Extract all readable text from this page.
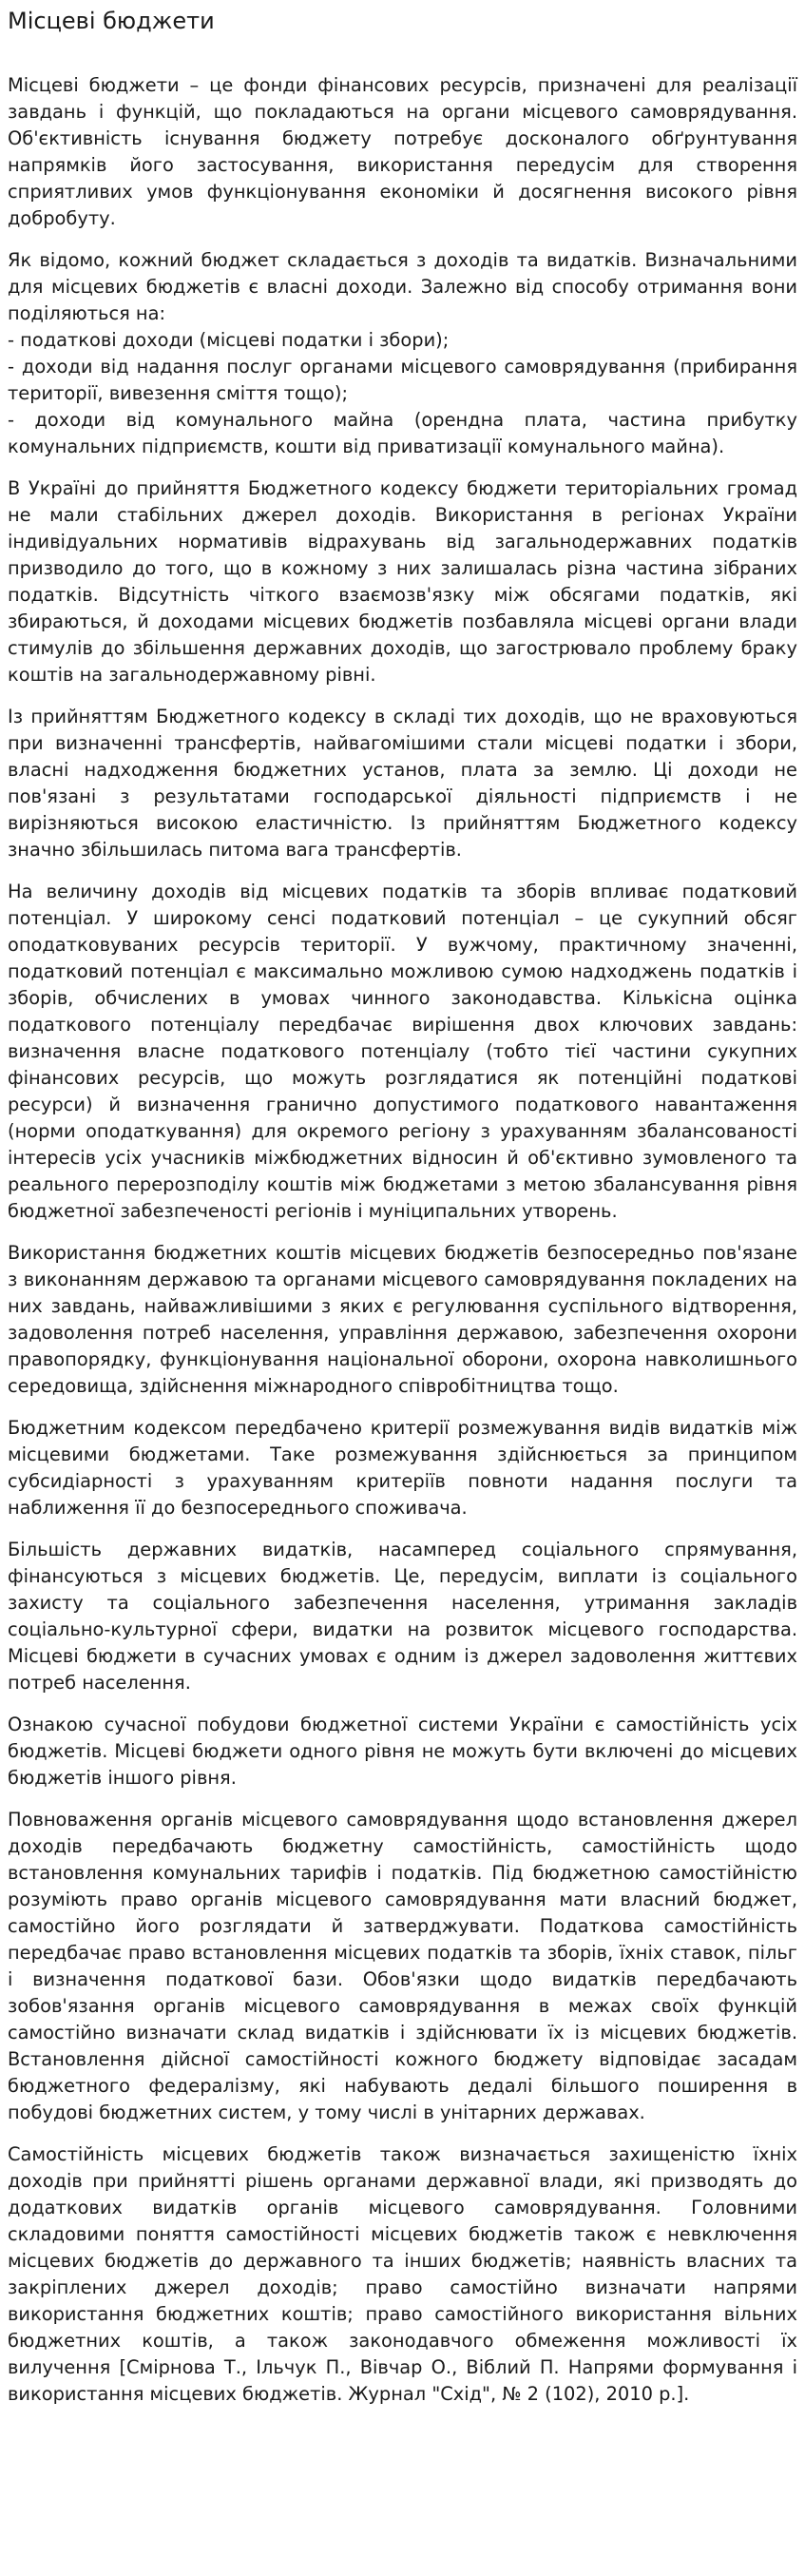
Місцеві бюджети

Місцеві бюджети – це фонди фінансових ресурсів, призначені для реалізації завдань і функцій, що покладаються на органи місцевого самоврядування. Об'єктивність існування бюджету потребує досконалого обґрунтування напрямків його застосування, використання передусім для створення сприятливих умов функціонування економіки й досягнення високого рівня добробуту.

Як відомо, кожний бюджет складається з доходів та видатків. Визначальними для місцевих бюджетів є власні доходи. Залежно від способу отримання вони поділяються на:
- податкові доходи (місцеві податки і збори);
- доходи від надання послуг органами місцевого самоврядування (прибирання території, вивезення сміття тощо);
- доходи від комунального майна (орендна плата, частина прибутку комунальних підприємств, кошти від приватизації комунального майна).

В Україні до прийняття Бюджетного кодексу бюджети територіальних громад не мали стабільних джерел доходів. Використання в регіонах України індивідуальних нормативів відрахувань від загальнодержавних податків призводило до того, що в кожному з них залишалась різна частина зібраних податків. Відсутність чіткого взаємозв'язку між обсягами податків, які збираються, й доходами місцевих бюджетів позбавляла місцеві органи влади стимулів до збільшення державних доходів, що загострювало проблему браку коштів на загальнодержавному рівні.

Із прийняттям Бюджетного кодексу в складі тих доходів, що не враховуються при визначенні трансфертів, найвагомішими стали місцеві податки і збори, власні надходження бюджетних установ, плата за землю. Ці доходи не пов'язані з результатами господарської діяльності підприємств і не вирізняються високою еластичністю. Із прийняттям Бюджетного кодексу значно збільшилась питома вага трансфертів.

На величину доходів від місцевих податків та зборів впливає податковий потенціал. У широкому сенсі податковий потенціал – це сукупний обсяг оподатковуваних ресурсів території. У вужчому, практичному значенні, податковий потенціал є максимально можливою сумою надходжень податків і зборів, обчислених в умовах чинного законодавства. Кількісна оцінка податкового потенціалу передбачає вирішення двох ключових завдань: визначення власне податкового потенціалу (тобто тієї частини сукупних фінансових ресурсів, що можуть розглядатися як потенційні податкові ресурси) й визначення гранично допустимого податкового навантаження (норми оподаткування) для окремого регіону з урахуванням збалансованості інтересів усіх учасників міжбюджетних відносин й об'єктивно зумовленого та реального перерозподілу коштів між бюджетами з метою збалансування рівня бюджетної забезпеченості регіонів і муніципальних утворень.

Використання бюджетних коштів місцевих бюджетів безпосередньо пов'язане з виконанням державою та органами місцевого самоврядування покладених на них завдань, найважливішими з яких є регулювання суспільного відтворення, задоволення потреб населення, управління державою, забезпечення охорони правопорядку, функціонування національної оборони, охорона навколишнього середовища, здійснення міжнародного співробітництва тощо.

Бюджетним кодексом передбачено критерії розмежування видів видатків між місцевими бюджетами. Таке розмежування здійснюється за принципом субсидіарності з урахуванням критеріїв повноти надання послуги та наближення її до безпосереднього споживача.

Більшість державних видатків, насамперед соціального спрямування, фінансуються з місцевих бюджетів. Це, передусім, виплати із соціального захисту та соціального забезпечення населення, утримання закладів соціально-культурної сфери, видатки на розвиток місцевого господарства. Місцеві бюджети в сучасних умовах є одним із джерел задоволення життєвих потреб населення.

Ознакою сучасної побудови бюджетної системи України є самостійність усіх бюджетів. Місцеві бюджети одного рівня не можуть бути включені до місцевих бюджетів іншого рівня.

Повноваження органів місцевого самоврядування щодо встановлення джерел доходів передбачають бюджетну самостійність, самостійність щодо встановлення комунальних тарифів і податків. Під бюджетною самостійністю розуміють право органів місцевого самоврядування мати власний бюджет, самостійно його розглядати й затверджувати. Податкова самостійність передбачає право встановлення місцевих податків та зборів, їхніх ставок, пільг і визначення податкової бази. Обов'язки щодо видатків передбачають зобов'язання органів місцевого самоврядування в межах своїх функцій самостійно визначати склад видатків і здійснювати їх із місцевих бюджетів. Встановлення дійсної самостійності кожного бюджету відповідає засадам бюджетного федералізму, які набувають дедалі більшого поширення в побудові бюджетних систем, у тому числі в унітарних державах.

Самостійність місцевих бюджетів також визначається захищеністю їхніх доходів при прийнятті рішень органами державної влади, які призводять до додаткових видатків органів місцевого самоврядування. Головними складовими поняття самостійності місцевих бюджетів також є невключення місцевих бюджетів до державного та інших бюджетів; наявність власних та закріплених джерел доходів; право самостійно визначати напрями використання бюджетних коштів; право самостійного використання вільних бюджетних коштів, а також законодавчого обмеження можливості їх вилучення [Смірнова Т., Ільчук П., Вівчар О., Віблий П. Напрями формування і використання місцевих бюджетів. Журнал "Схід", № 2 (102), 2010 р.].
